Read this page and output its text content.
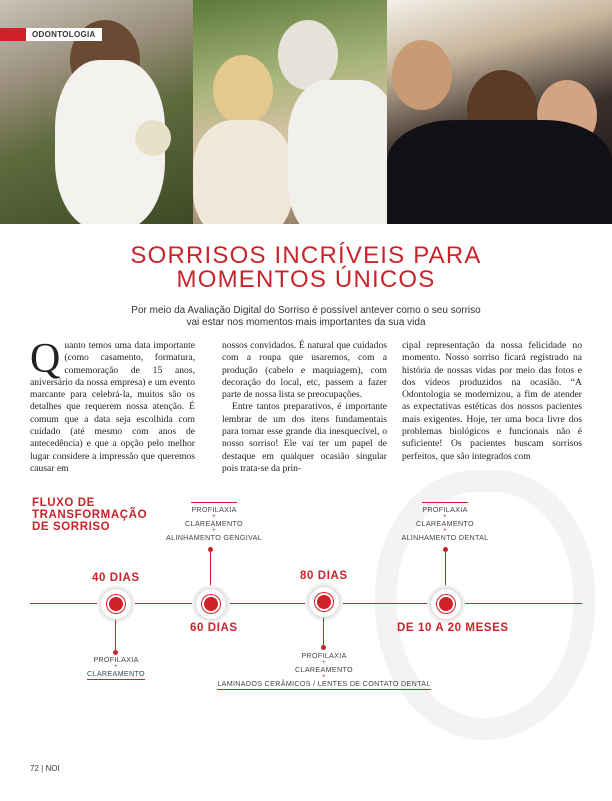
ODONTOLOGIA
SORRISOS INCRÍVEIS PARA
MOMENTOS ÚNICOS
Por meio da Avaliação Digital do Sorriso é possível antever como o seu sorriso
vai estar nos momentos mais importantes da sua vida

Quanto temos uma data importante (como casamento, formatura, comemoração de 15 anos, aniversário da nossa empresa) e um evento marcante para celebrá-la, muitos são os detalhes que requerem nossa atenção. É comum que a data seja escolhida com cuidado (até mesmo com anos de antecedência) e que a opção pelo melhor lugar considere a impressão que queremos causar em

nossos convidados. É natural que cuidados com a roupa que usaremos, com a produção (cabelo e maquiagem), com decoração do local, etc, passem a fazer parte de nossa lista se preocupações.

Entre tantos preparativos, é importante lembrar de um dos itens fundamentais para tornar esse grande dia inesquecível, o nosso sorriso! Ele vai ter um papel de destaque em qualquer ocasião singular pois trata-se da prin-

cipal representação da nossa felicidade no momento. Nosso sorriso ficará registrado na história de nossas vidas por meio das fotos e dos vídeos produzidos na ocasião. “A Odontologia se modernizou, a fim de atender as expectativas estéticas dos nossos pacientes mais exigentes. Hoje, ter uma boca livre dos problemas biológicos e funcionais não é suficiente! Os pacientes buscam sorrisos perfeitos, que são integrados com

FLUXO DE
TRANSFORMAÇÃO
DE SORRISO
40 DIAS
PROFILAXIA
+
CLAREAMENTO
PROFILAXIA
+
CLAREAMENTO
+
ALINHAMENTO GENGIVAL
60 DIAS
80 DIAS
PROFILAXIA
+
CLAREAMENTO
+
LAMINADOS CERÂMICOS / LENTES DE CONTATO DENTAL
PROFILAXIA
+
CLAREAMENTO
+
ALINHAMENTO DENTAL
DE 10 A 20 MESES
72 | NOI
